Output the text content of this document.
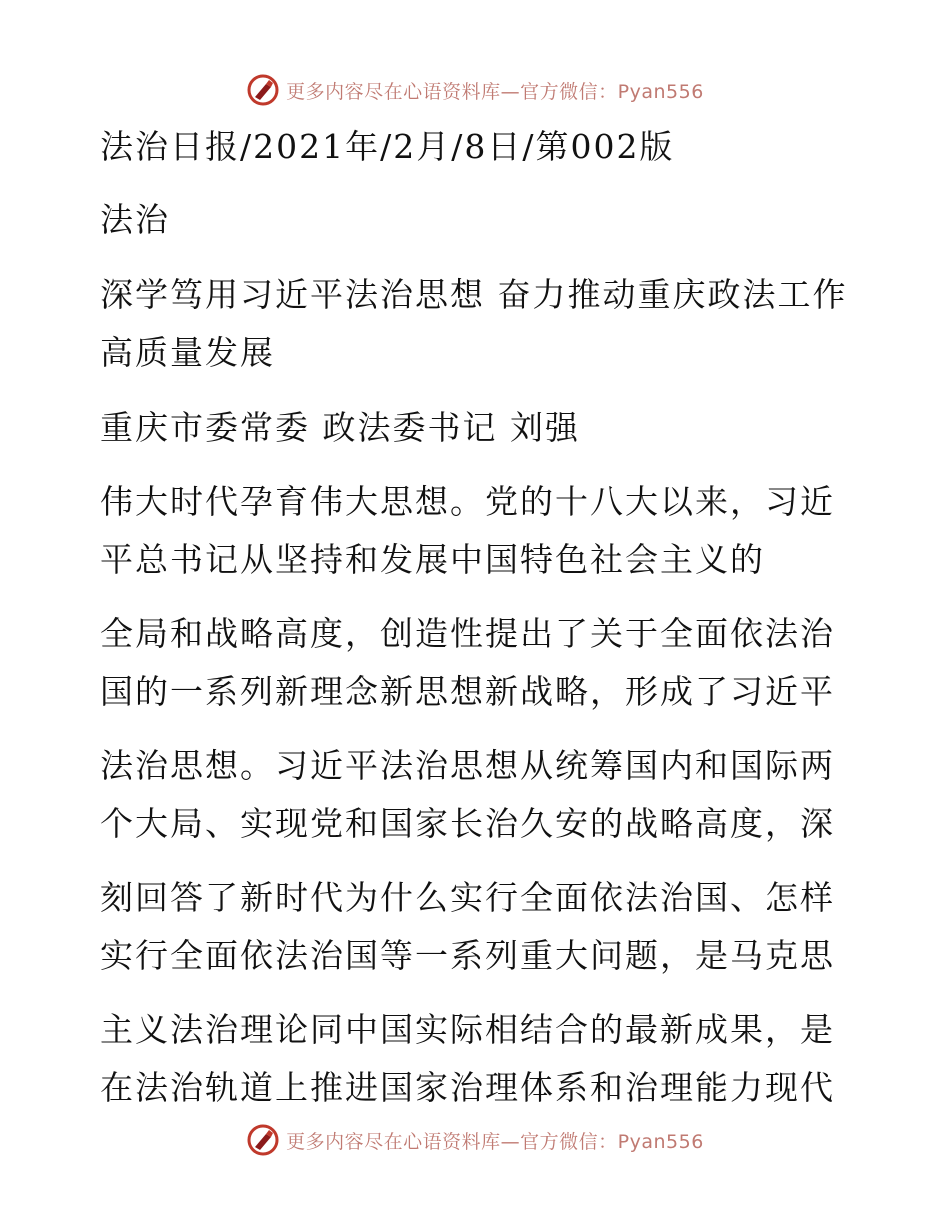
更多内容尽在心语资料库—官方微信：Pyan556
法治日报/2021年/2月/8日/第002版
法治
深学笃用习近平法治思想 奋力推动重庆政法工作
高质量发展
重庆市委常委 政法委书记 刘强
伟大时代孕育伟大思想。党的十八大以来，习近
平总书记从坚持和发展中国特色社会主义的
全局和战略高度，创造性提出了关于全面依法治
国的一系列新理念新思想新战略，形成了习近平
法治思想。习近平法治思想从统筹国内和国际两
个大局、实现党和国家长治久安的战略高度，深
刻回答了新时代为什么实行全面依法治国、怎样
实行全面依法治国等一系列重大问题，是马克思
主义法治理论同中国实际相结合的最新成果，是
在法治轨道上推进国家治理体系和治理能力现代
更多内容尽在心语资料库—官方微信：Pyan556
